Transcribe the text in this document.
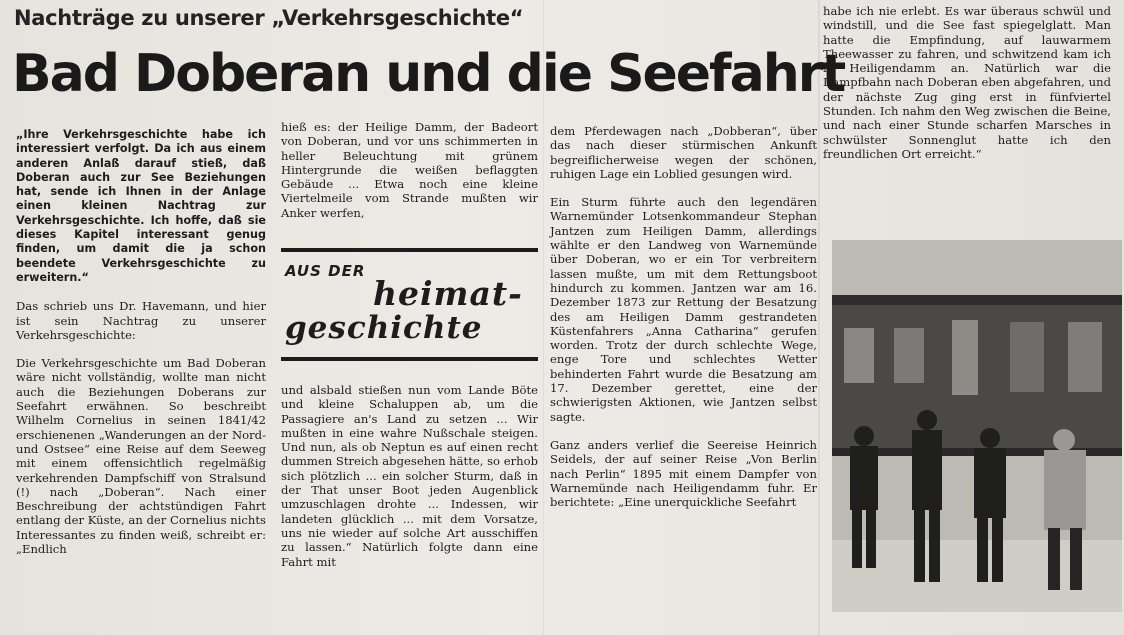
Nachträge zu unserer „Verkehrsgeschichte“
Bad Doberan und die Seefahrt

„Ihre Verkehrsgeschichte habe ich interessiert verfolgt. Da ich aus einem anderen Anlaß darauf stieß, daß Doberan auch zur See Beziehungen hat, sende ich Ihnen in der Anlage einen kleinen Nachtrag zur Verkehrsgeschichte. Ich hoffe, daß sie dieses Kapitel interessant genug finden, um damit die ja schon beendete Verkehrsgeschichte zu erweitern.“

Das schrieb uns Dr. Havemann, und hier ist sein Nachtrag zu unserer Verkehrsgeschichte:

Die Verkehrsgeschichte um Bad Doberan wäre nicht vollständig, wollte man nicht auch die Beziehungen Doberans zur Seefahrt erwähnen. So beschreibt Wilhelm Cornelius in seinen 1841/42 erschienenen „Wanderungen an der Nord- und Ostsee“ eine Reise auf dem Seeweg mit einem offensichtlich regelmäßig verkehrenden Dampfschiff von Stralsund (!) nach „Doberan“. Nach einer Beschreibung der achtstündigen Fahrt entlang der Küste, an der Cornelius nichts Interessantes zu finden weiß, schreibt er: „Endlich

hieß es: der Heilige Damm, der Badeort von Doberan, und vor uns schimmerten in heller Beleuchtung mit grünem Hintergrunde die weißen beflaggten Gebäude ... Etwa noch eine kleine Viertelmeile vom Strande mußten wir Anker werfen,

AUS DER
heimat-
geschichte

und alsbald stießen nun vom Lande Böte und kleine Schaluppen ab, um die Passagiere an's Land zu setzen ... Wir mußten in eine wahre Nußschale steigen. Und nun, als ob Neptun es auf einen recht dummen Streich abgesehen hätte, so erhob sich plötzlich ... ein solcher Sturm, daß in der That unser Boot jeden Augenblick umzuschlagen drohte ... Indessen, wir landeten glücklich ... mit dem Vorsatze, uns nie wieder auf solche Art ausschiffen zu lassen.“ Natürlich folgte dann eine Fahrt mit

dem Pferdewagen nach „Dobberan“, über das nach dieser stürmischen Ankunft begreiflicherweise wegen der schönen, ruhigen Lage ein Loblied gesungen wird.

Ein Sturm führte auch den legendären Warnemünder Lotsenkommandeur Stephan Jantzen zum Heiligen Damm, allerdings wählte er den Landweg von Warnemünde über Doberan, wo er ein Tor verbreitern lassen mußte, um mit dem Rettungsboot hindurch zu kommen. Jantzen war am 16. Dezember 1873 zur Rettung der Besatzung des am Heiligen Damm gestrandeten Küstenfahrers „Anna Catharina“ gerufen worden. Trotz der durch schlechte Wege, enge Tore und schlechtes Wetter behinderten Fahrt wurde die Besatzung am 17. Dezember gerettet, eine der schwierigsten Aktionen, wie Jantzen selbst sagte.

Ganz anders verlief die Seereise Heinrich Seidels, der auf seiner Reise „Von Berlin nach Perlin“ 1895 mit einem Dampfer von Warnemünde nach Heiligendamm fuhr. Er berichtete: „Eine unerquickliche Seefahrt

habe ich nie erlebt. Es war überaus schwül und windstill, und die See fast spiegelglatt. Man hatte die Empfindung, auf lauwarmem Theewasser zu fahren, und schwitzend kam ich in Heiligendamm an. Natürlich war die Dampfbahn nach Doberan eben abgefahren, und der nächste Zug ging erst in fünfviertel Stunden. Ich nahm den Weg zwischen die Beine, und nach einer Stunde scharfen Marsches in schwülster Sonnenglut hatte ich den freundlichen Ort erreicht.“
